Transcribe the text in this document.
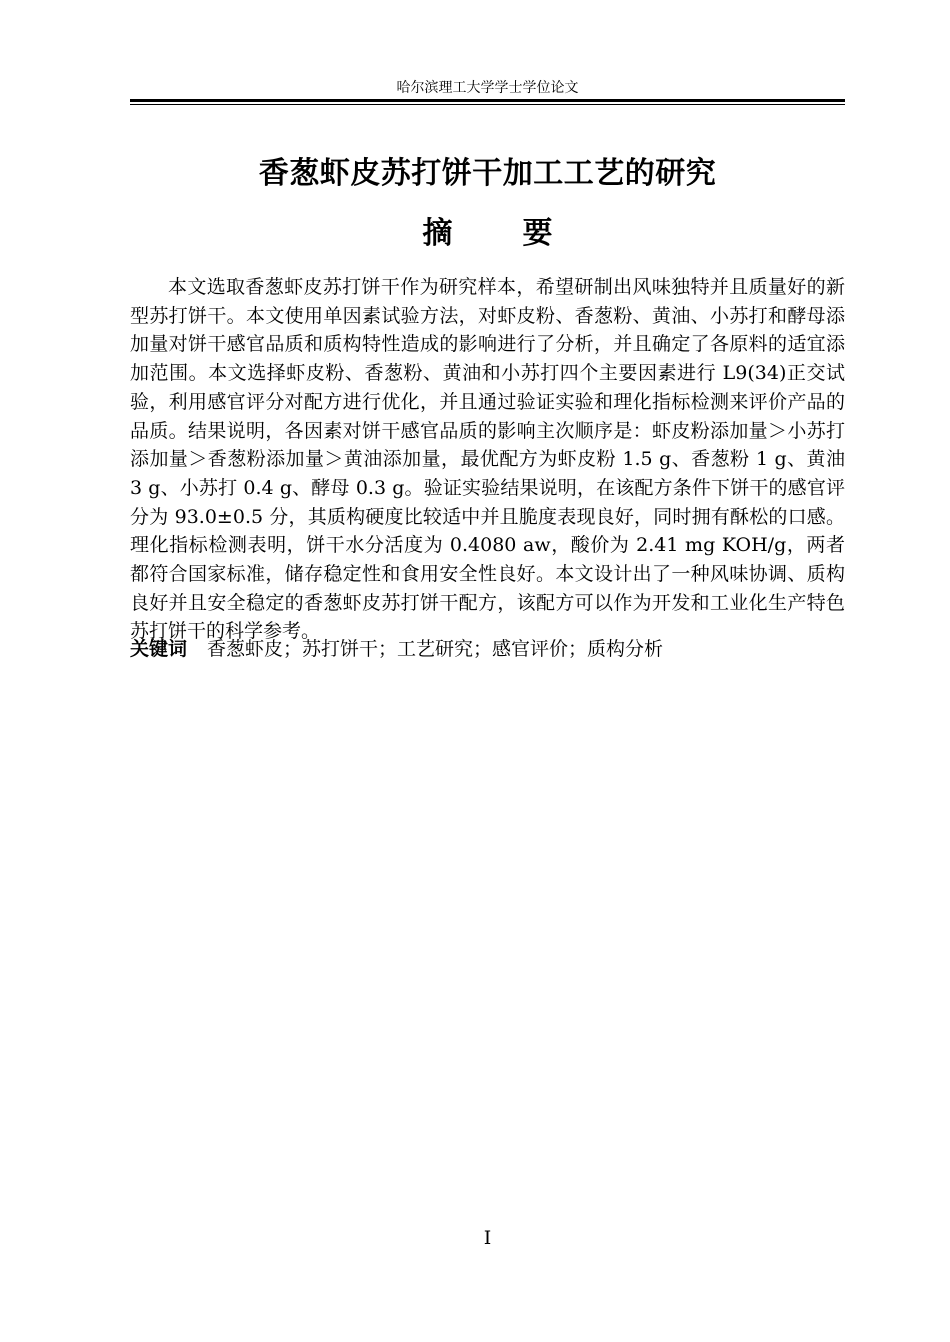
哈尔滨理工大学学士学位论文
香葱虾皮苏打饼干加工工艺的研究
摘要

本文选取香葱虾皮苏打饼干作为研究样本，希望研制出风味独特并且质量好的新型苏打饼干。本文使用单因素试验方法，对虾皮粉、香葱粉、黄油、小苏打和酵母添加量对饼干感官品质和质构特性造成的影响进行了分析，并且确定了各原料的适宜添加范围。本文选择虾皮粉、香葱粉、黄油和小苏打四个主要因素进行 L9(34)正交试验，利用感官评分对配方进行优化，并且通过验证实验和理化指标检测来评价产品的品质。结果说明，各因素对饼干感官品质的影响主次顺序是：虾皮粉添加量＞小苏打添加量＞香葱粉添加量＞黄油添加量，最优配方为虾皮粉 1.5 g、香葱粉 1 g、黄油 3 g、小苏打 0.4 g、酵母 0.3 g。验证实验结果说明，在该配方条件下饼干的感官评分为 93.0±0.5 分，其质构硬度比较适中并且脆度表现良好，同时拥有酥松的口感。理化指标检测表明，饼干水分活度为 0.4080 aw，酸价为 2.41 mg KOH/g，两者都符合国家标准，储存稳定性和食用安全性良好。本文设计出了一种风味协调、质构良好并且安全稳定的香葱虾皮苏打饼干配方，该配方可以作为开发和工业化生产特色苏打饼干的科学参考。

关键词 香葱虾皮；苏打饼干；工艺研究；感官评价；质构分析
I
